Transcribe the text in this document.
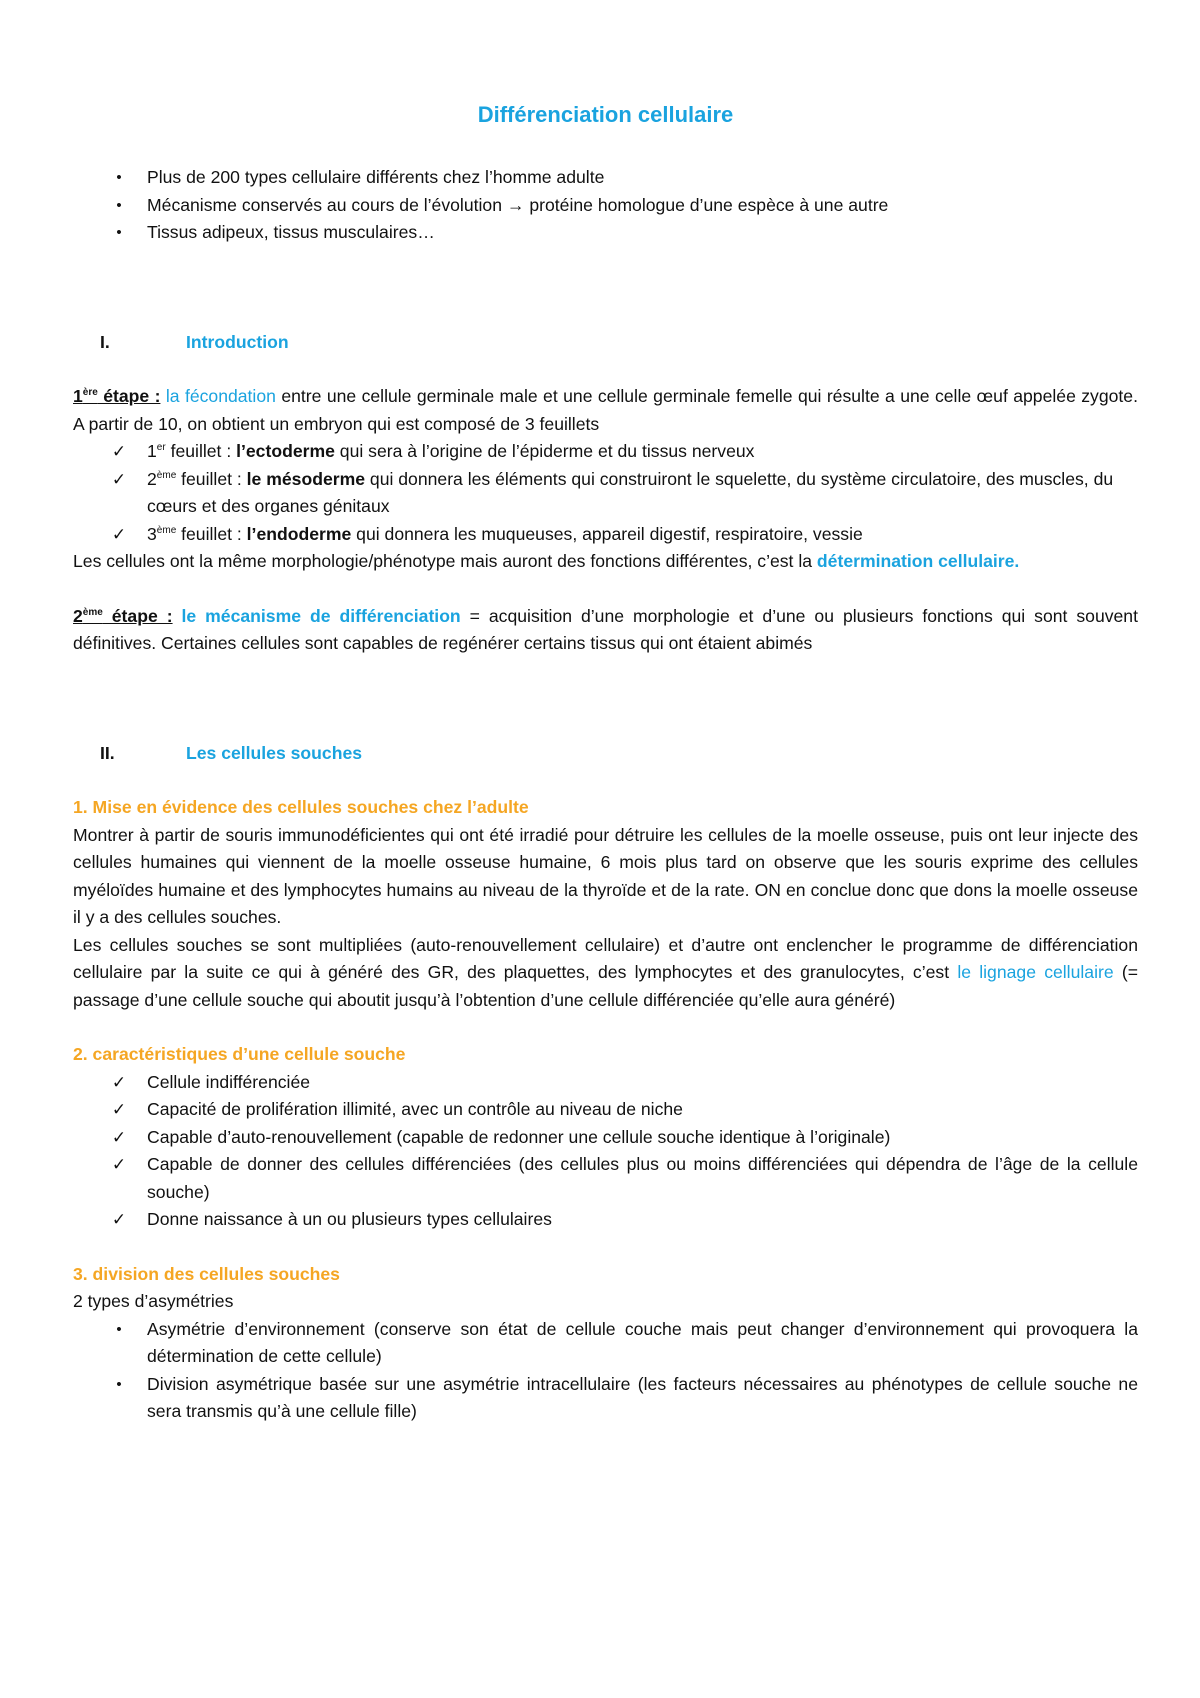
Différenciation cellulaire
•	Plus de 200 types cellulaire différents chez l’homme adulte
•	Mécanisme conservés au cours de l’évolution → protéine homologue d’une espèce à une autre
•	Tissus adipeux, tissus musculaires…
I.	Introduction

1ère étape : la fécondation entre une cellule germinale male et une cellule germinale femelle qui résulte a une celle œuf appelée zygote. A partir de 10, on obtient un embryon qui est composé de 3 feuillets

✓ 1er feuillet : l’ectoderme qui sera à l’origine de l’épiderme et du tissus nerveux
✓ 2ème feuillet : le mésoderme qui donnera les éléments qui construiront le squelette, du système circulatoire, des muscles, du cœurs et des organes génitaux
✓ 3ème feuillet : l’endoderme qui donnera les muqueuses, appareil digestif, respiratoire, vessie

Les cellules ont la même morphologie/phénotype mais auront des fonctions différentes, c’est la détermination cellulaire.

2ème étape : le mécanisme de différenciation = acquisition d’une morphologie et d’une ou plusieurs fonctions qui sont souvent définitives. Certaines cellules sont capables de regénérer certains tissus qui ont étaient abimés

II.	Les cellules souches

1. Mise en évidence des cellules souches chez l’adulte

Montrer à partir de souris immunodéficientes qui ont été irradié pour détruire les cellules de la moelle osseuse, puis ont leur injecte des cellules humaines qui viennent de la moelle osseuse humaine, 6 mois plus tard on observe que les souris exprime des cellules myéloïdes humaine et des lymphocytes humains au niveau de la thyroïde et de la rate. ON en conclue donc que dons la moelle osseuse il y a des cellules souches.

Les cellules souches se sont multipliées (auto-renouvellement cellulaire) et d’autre ont enclencher le programme de différenciation cellulaire par la suite ce qui à généré des GR, des plaquettes, des lymphocytes et des granulocytes, c’est le lignage cellulaire (= passage d’une cellule souche qui aboutit jusqu’à l’obtention d’une cellule différenciée qu’elle aura généré)

2. caractéristiques d’une cellule souche

✓ Cellule indifférenciée
✓ Capacité de prolifération illimité, avec un contrôle au niveau de niche
✓ Capable d’auto-renouvellement (capable de redonner une cellule souche identique à l’originale)
✓ Capable de donner des cellules différenciées (des cellules plus ou moins différenciées qui dépendra de l’âge de la cellule souche)
✓ Donne naissance à un ou plusieurs types cellulaires

3. division des cellules souches

2 types d’asymétries

•	Asymétrie d’environnement (conserve son état de cellule couche mais peut changer d’environnement qui provoquera la détermination de cette cellule)
•	Division asymétrique basée sur une asymétrie intracellulaire (les facteurs nécessaires au phénotypes de cellule souche ne sera transmis qu’à une cellule fille)
